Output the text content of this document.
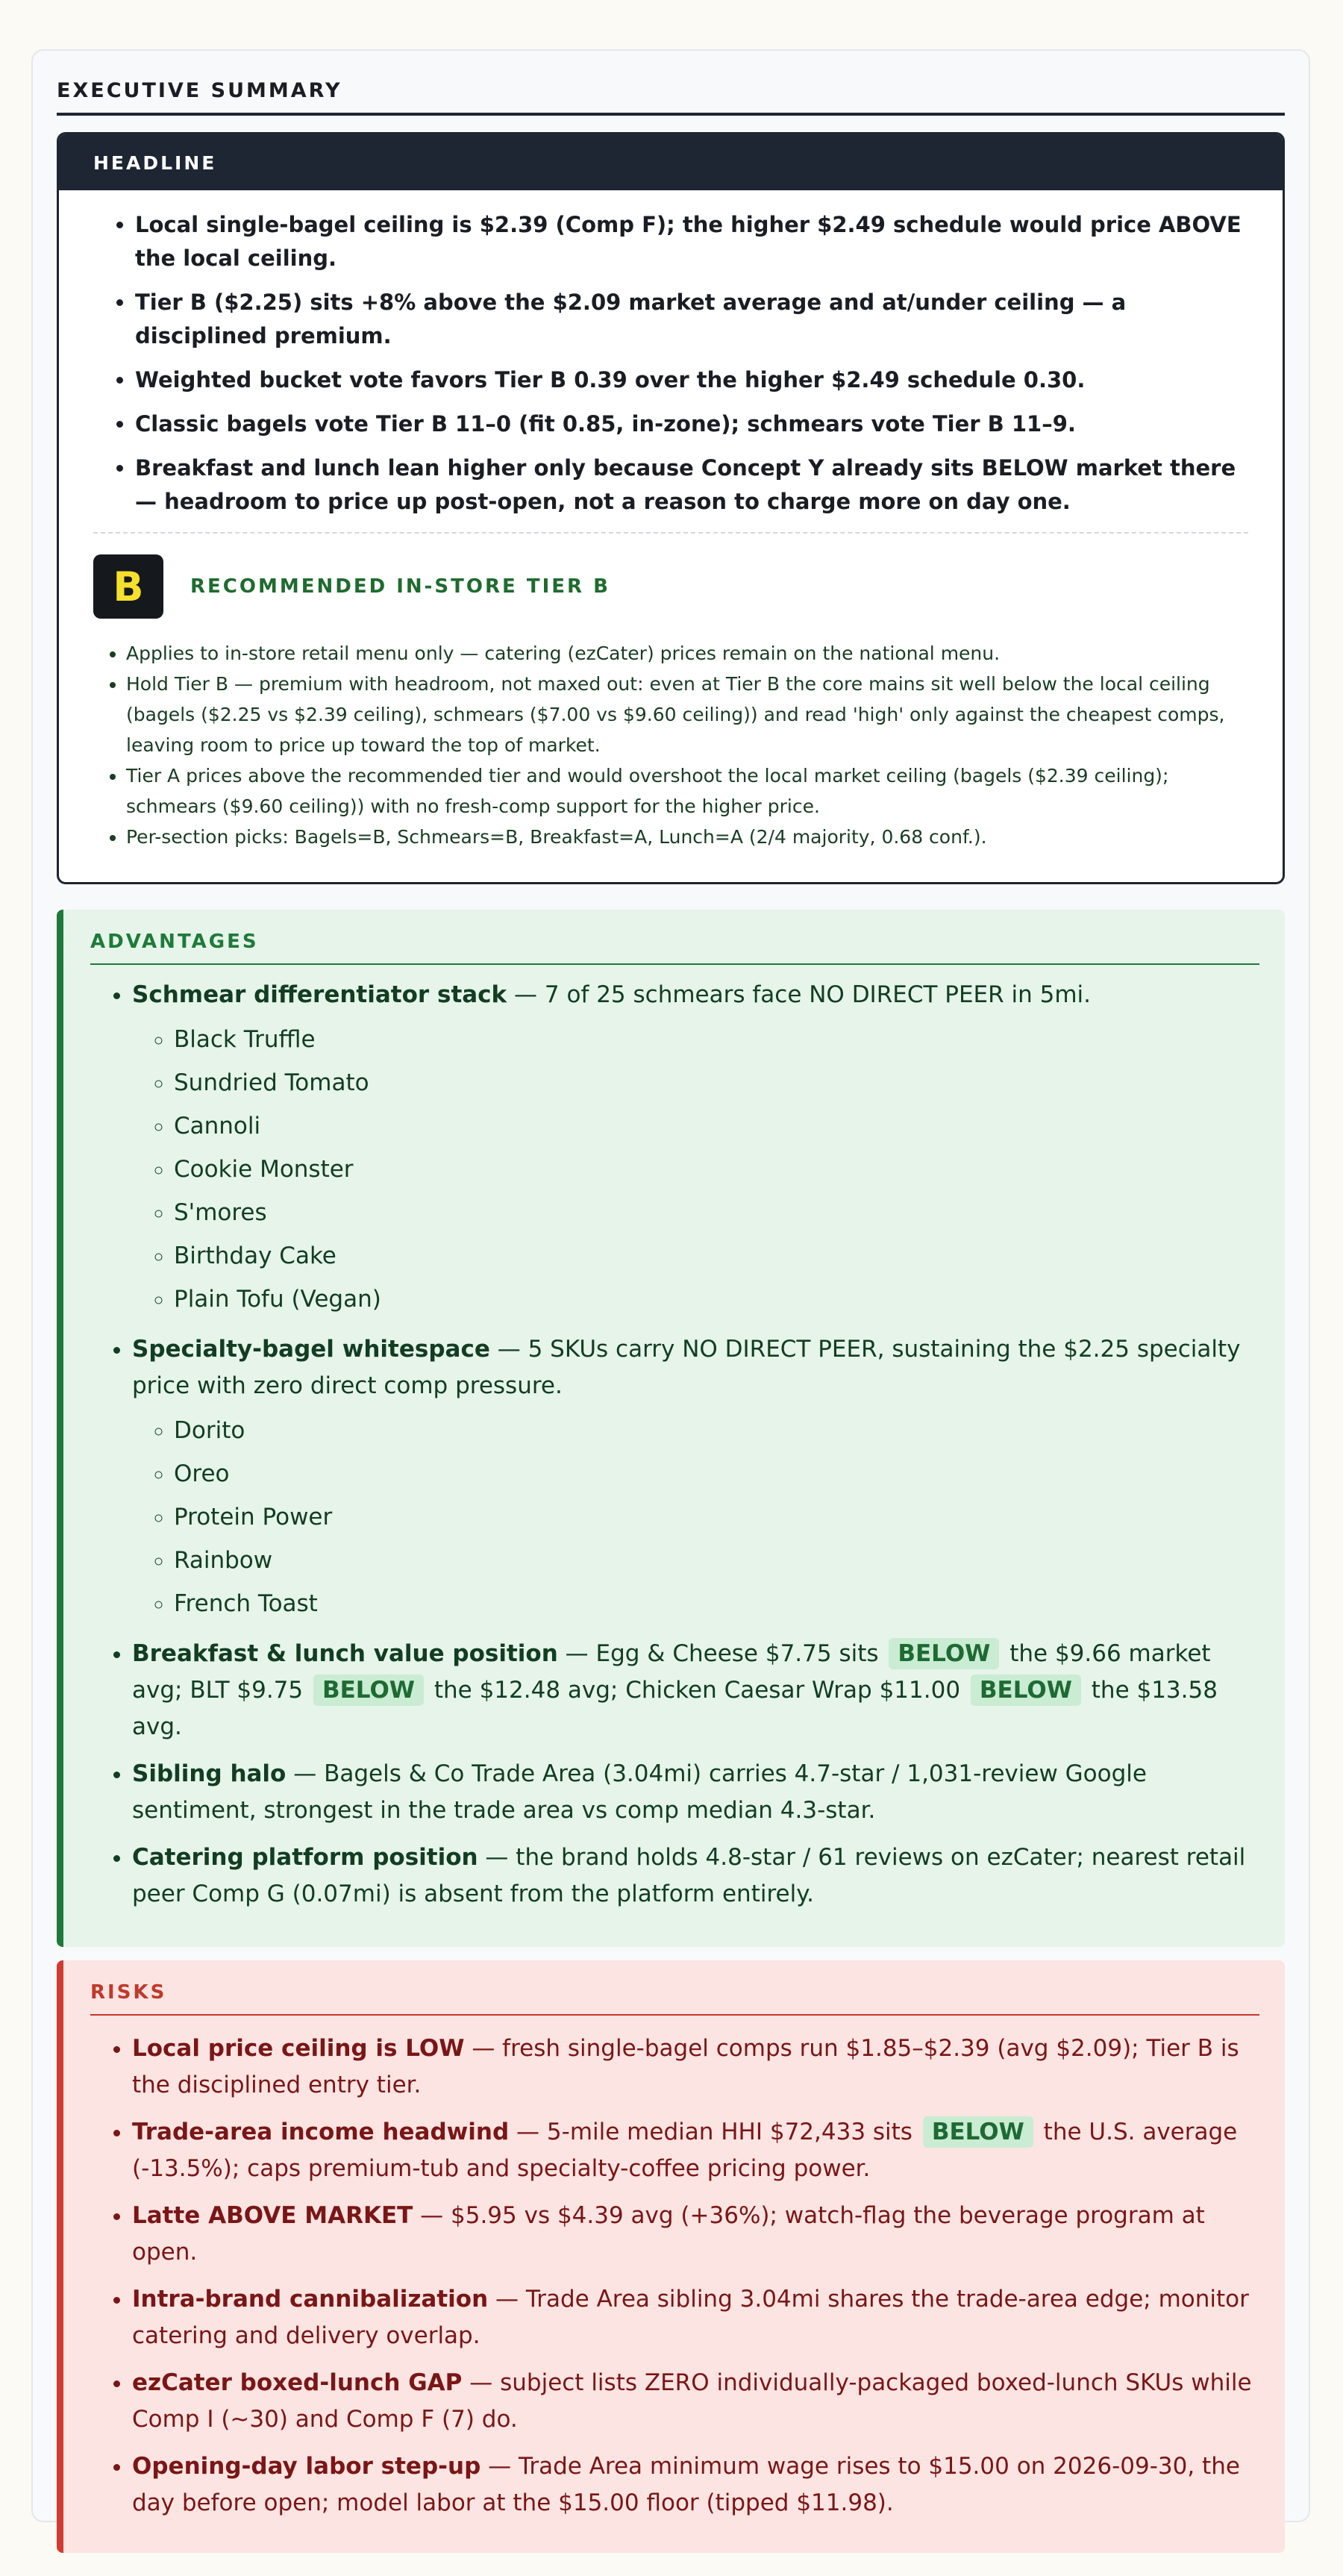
EXECUTIVE SUMMARY
HEADLINE
• Local single-bagel ceiling is $2.39 (Comp F); the higher $2.49 schedule would price ABOVE the local ceiling.
• Tier B ($2.25) sits +8% above the $2.09 market average and at/under ceiling — a disciplined premium.
• Weighted bucket vote favors Tier B 0.39 over the higher $2.49 schedule 0.30.
• Classic bagels vote Tier B 11–0 (fit 0.85, in-zone); schmears vote Tier B 11–9.
• Breakfast and lunch lean higher only because Concept Y already sits BELOW market there — headroom to price up post-open, not a reason to charge more on day one.
B	RECOMMENDED IN-STORE TIER B
• Applies to in-store retail menu only — catering (ezCater) prices remain on the national menu.
• Hold Tier B — premium with headroom, not maxed out: even at Tier B the core mains sit well below the local ceiling (bagels ($2.25 vs $2.39 ceiling), schmears ($7.00 vs $9.60 ceiling)) and read 'high' only against the cheapest comps, leaving room to price up toward the top of market.
• Tier A prices above the recommended tier and would overshoot the local market ceiling (bagels ($2.39 ceiling); schmears ($9.60 ceiling)) with no fresh-comp support for the higher price.
• Per-section picks: Bagels=B, Schmears=B, Breakfast=A, Lunch=A (2/4 majority, 0.68 conf.).
ADVANTAGES
• Schmear differentiator stack — 7 of 25 schmears face NO DIRECT PEER in 5mi.
◦ Black Truffle
◦ Sundried Tomato
◦ Cannoli
◦ Cookie Monster
◦ S'mores
◦ Birthday Cake
◦ Plain Tofu (Vegan)
• Specialty-bagel whitespace — 5 SKUs carry NO DIRECT PEER, sustaining the $2.25 specialty price with zero direct comp pressure.
◦ Dorito
◦ Oreo
◦ Protein Power
◦ Rainbow
◦ French Toast
• Breakfast & lunch value position — Egg & Cheese $7.75 sits BELOW the $9.66 market avg; BLT $9.75 BELOW the $12.48 avg; Chicken Caesar Wrap $11.00 BELOW the $13.58 avg.
• Sibling halo — Bagels & Co Trade Area (3.04mi) carries 4.7-star / 1,031-review Google sentiment, strongest in the trade area vs comp median 4.3-star.
• Catering platform position — the brand holds 4.8-star / 61 reviews on ezCater; nearest retail peer Comp G (0.07mi) is absent from the platform entirely.
RISKS
• Local price ceiling is LOW — fresh single-bagel comps run $1.85–$2.39 (avg $2.09); Tier B is the disciplined entry tier.
• Trade-area income headwind — 5-mile median HHI $72,433 sits BELOW the U.S. average (-13.5%); caps premium-tub and specialty-coffee pricing power.
• Latte ABOVE MARKET — $5.95 vs $4.39 avg (+36%); watch-flag the beverage program at open.
• Intra-brand cannibalization — Trade Area sibling 3.04mi shares the trade-area edge; monitor catering and delivery overlap.
• ezCater boxed-lunch GAP — subject lists ZERO individually-packaged boxed-lunch SKUs while Comp I (~30) and Comp F (7) do.
• Opening-day labor step-up — Trade Area minimum wage rises to $15.00 on 2026-09-30, the day before open; model labor at the $15.00 floor (tipped $11.98).
